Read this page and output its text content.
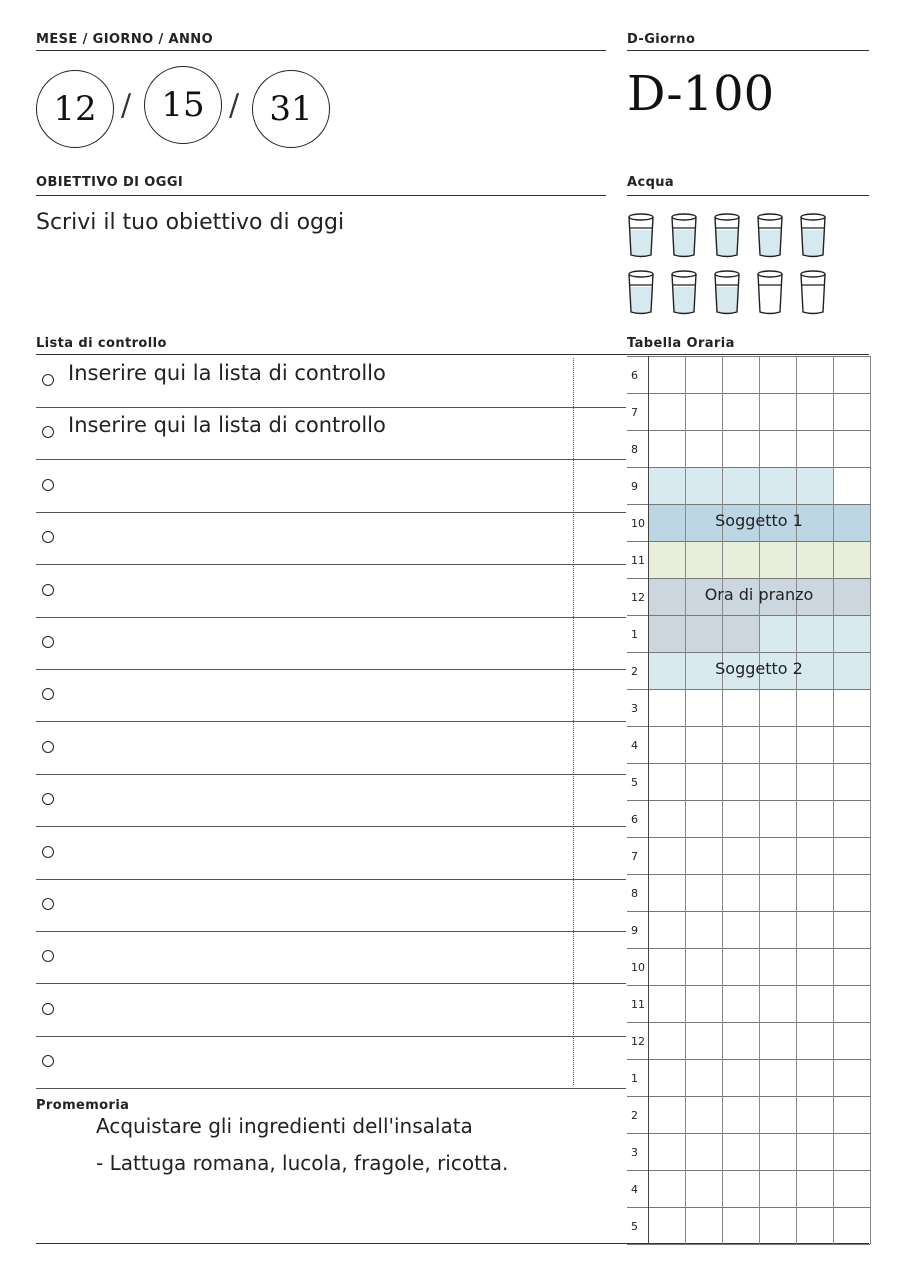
MESE / GIORNO / ANNO
12 / 15 / 31
D-Giorno
D-100
OBIETTIVO DI OGGI
Scrivi il tuo obiettivo di oggi
Acqua
Lista di controllo
Inserire qui la lista di controllo
Inserire qui la lista di controllo
Promemoria
Acquistare gli ingredienti dell'insalata
- Lattuga romana, lucola, fragole, ricotta.
Tabella Oraria
6
7
8
9
10
11
12
1
2
3
4
5
6
7
8
9
10
11
12
1
2
3
4
5
Soggetto 1
Ora di pranzo
Soggetto 2
